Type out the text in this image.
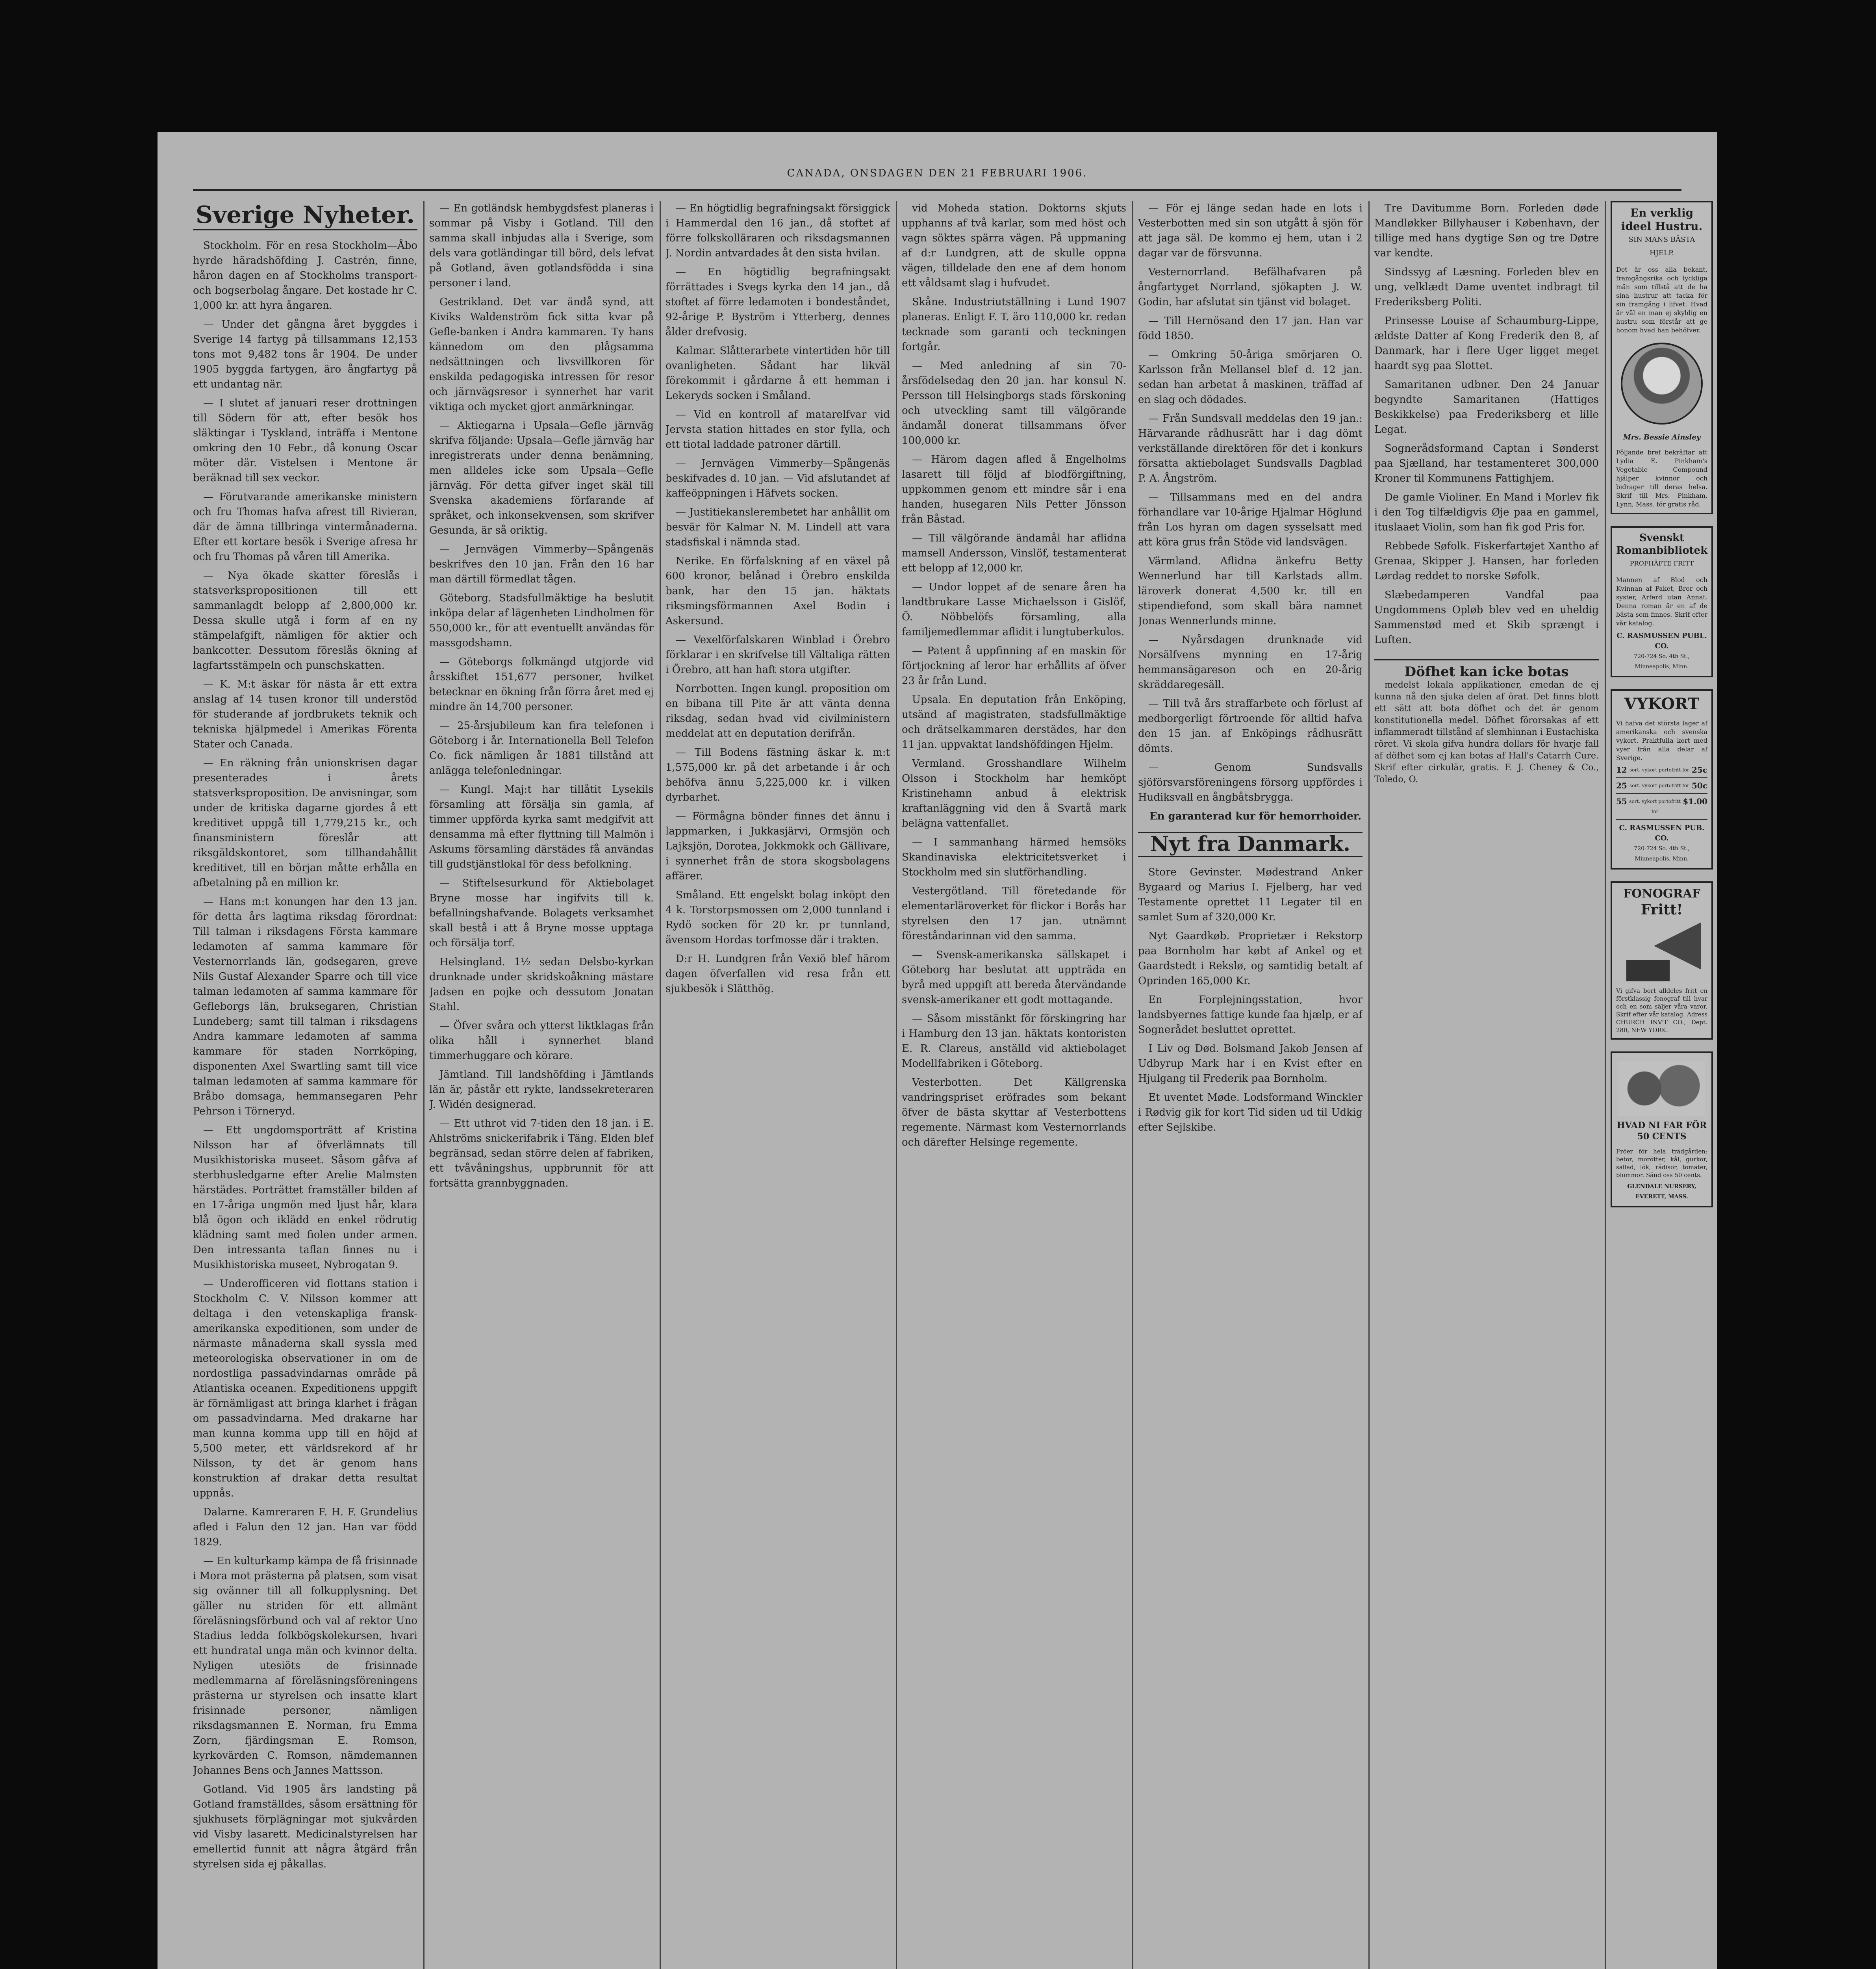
CANADA, ONSDAGEN DEN 21 FEBRUARI 1906.
Sverige Nyheter.

Stockholm. För en resa Stockholm—Åbo hyrde häradshöfding J. Castrén, finne, håron dagen en af Stockholms transport- och bogserbolag ångare. Det kostade hr C. 1,000 kr. att hyra ångaren.

— Under det gångna året byggdes i Sverige 14 fartyg på tillsammans 12,153 tons mot 9,482 tons år 1904. De under 1905 byggda fartygen, äro ångfartyg på ett undantag när.

— I slutet af januari reser drottningen till Södern för att, efter besök hos släktingar i Tyskland, inträffa i Mentone omkring den 10 Febr., då konung Oscar möter där. Vistelsen i Mentone är beräknad till sex veckor.

— Förutvarande amerikanske ministern och fru Thomas hafva afrest till Rivieran, där de ämna tillbringa vintermånaderna. Efter ett kortare besök i Sverige afresa hr och fru Thomas på våren till Amerika.

— Nya ökade skatter föreslås i statsverkspropositionen till ett sammanlagdt belopp af 2,800,000 kr. Dessa skulle utgå i form af en ny stämpelafgift, nämligen för aktier och bankcotter. Dessutom föreslås ökning af lagfartsstämpeln och punschskatten.

— K. M:t äskar för nästa år ett extra anslag af 14 tusen kronor till understöd för studerande af jordbrukets teknik och tekniska hjälpmedel i Amerikas Förenta Stater och Canada.

— En räkning från unionskrisen dagar presenterades i årets statsverksproposition. De anvisningar, som under de kritiska dagarne gjordes å ett kreditivet uppgå till 1,779,215 kr., och finansministern föreslår att riksgäldskontoret, som tillhandahållit kreditivet, till en början måtte erhålla en afbetalning på en million kr.

— Hans m:t konungen har den 13 jan. för detta års lagtima riksdag förordnat: Till talman i riksdagens Första kammare ledamoten af samma kammare för Vesternorrlands län, godsegaren, greve Nils Gustaf Alexander Sparre och till vice talman ledamoten af samma kammare för Gefleborgs län, bruksegaren, Christian Lundeberg; samt till talman i riksdagens Andra kammare ledamoten af samma kammare för staden Norrköping, disponenten Axel Swartling samt till vice talman ledamoten af samma kammare för Bråbo domsaga, hemmansegaren Pehr Pehrson i Törneryd.

— Ett ungdomsporträtt af Kristina Nilsson har af öfverlämnats till Musikhistoriska museet. Såsom gåfva af sterbhusledgarne efter Arelie Malmsten härstädes. Porträttet framställer bilden af en 17-åriga ungmön med ljust hår, klara blå ögon och iklädd en enkel rödrutig klädning samt med fiolen under armen. Den intressanta taflan finnes nu i Musikhistoriska museet, Nybrogatan 9.

— Underofficeren vid flottans station i Stockholm C. V. Nilsson kommer att deltaga i den vetenskapliga fransk-amerikanska expeditionen, som under de närmaste månaderna skall syssla med meteorologiska observationer in om de nordostliga passadvindarnas område på Atlantiska oceanen. Expeditionens uppgift är förnämligast att bringa klarhet i frågan om passadvindarna. Med drakarne har man kunna komma upp till en höjd af 5,500 meter, ett världsrekord af hr Nilsson, ty det är genom hans konstruktion af drakar detta resultat uppnås.

Dalarne. Kamreraren F. H. F. Grundelius afled i Falun den 12 jan. Han var född 1829.

— En kulturkamp kämpa de få frisinnade i Mora mot prästerna på platsen, som visat sig ovänner till all folkupplysning. Det gäller nu striden för ett allmänt föreläsningsförbund och val af rektor Uno Stadius ledda folkbögskolekursen, hvari ett hundratal unga män och kvinnor delta. Nyligen utesiöts de frisinnade medlemmarna af föreläsningsföreningens prästerna ur styrelsen och insatte klart frisinnade personer, nämligen riksdagsmannen E. Norman, fru Emma Zorn, fjärdingsman E. Romson, kyrkovärden C. Romson, nämdemannen Johannes Bens och Jannes Mattsson.

Gotland. Vid 1905 års landsting på Gotland framställdes, såsom ersättning för sjukhusets förplägningar mot sjukvården vid Visby lasarett. Medicinalstyrelsen har emellertid funnit att några åtgärd från styrelsen sida ej påkallas.

— En gotländsk hembygdsfest planeras i sommar på Visby i Gotland. Till den samma skall inbjudas alla i Sverige, som dels vara gotländingar till börd, dels lefvat på Gotland, även gotlandsfödda i sina personer i land.

Gestrikland. Det var ändå synd, att Kiviks Waldenström fick sitta kvar på Gefle-banken i Andra kammaren. Ty hans kännedom om den plågsamma nedsättningen och livsvillkoren för enskilda pedagogiska intressen för resor och järnvägsresor i synnerhet har varit viktiga och mycket gjort anmärkningar.

— Aktiegarna i Upsala—Gefle järnväg skrifva följande: Upsala—Gefle järnväg har inregistrerats under denna benämning, men alldeles icke som Upsala—Gefle järnväg. För detta gifver inget skäl till Svenska akademiens förfarande af språket, och inkonsekvensen, som skrifver Gesunda, är så oriktig.

— Jernvägen Vimmerby—Spångenäs beskrifves den 10 jan. Från den 16 har man därtill förmedlat tågen.

Göteborg. Stadsfullmäktige ha beslutit inköpa delar af lägenheten Lindholmen för 550,000 kr., för att eventuellt användas för massgodshamn.

— Göteborgs folkmängd utgjorde vid årsskiftet 151,677 personer, hvilket betecknar en ökning från förra året med ej mindre än 14,700 personer.

— 25-årsjubileum kan fira telefonen i Göteborg i år. Internationella Bell Telefon Co. fick nämligen år 1881 tillstånd att anlägga telefonledningar.

— Kungl. Maj:t har tillåtit Lysekils församling att försälja sin gamla, af timmer uppförda kyrka samt medgifvit att densamma må efter flyttning till Malmön i Askums församling därstädes få användas till gudstjänstlokal för dess befolkning.

— Stiftelsesurkund för Aktiebolaget Bryne mosse har ingifvits till k. befallningshafvande. Bolagets verksamhet skall bestå i att å Bryne mosse upptaga och försälja torf.

Helsingland. 1½ sedan Delsbo-kyrkan drunknade under skridskoåkning mästare Jadsen en pojke och dessutom Jonatan Stahl.

— Öfver svåra och ytterst liktklagas från olika håll i synnerhet bland timmerhuggare och körare.

Jämtland. Till landshöfding i Jämtlands län är, påstår ett rykte, landssekreteraren J. Widén designerad.

— Ett uthrot vid 7-tiden den 18 jan. i E. Ahlströms snickerifabrik i Täng. Elden blef begränsad, sedan större delen af fabriken, ett tvåvåningshus, uppbrunnit för att fortsätta grannbyggnaden.

— En högtidlig begrafningsakt försiggick i Hammerdal den 16 jan., då stoftet af förre folkskolläraren och riksdagsmannen J. Nordin antvardades åt den sista hvilan.

— En högtidlig begrafningsakt förrättades i Svegs kyrka den 14 jan., då stoftet af förre ledamoten i bondeståndet, 92-årige P. Byström i Ytterberg, dennes ålder drefvosig.

Kalmar. Slåtterarbete vintertiden hör till ovanligheten. Sådant har likväl förekommit i gårdarne å ett hemman i Lekeryds socken i Småland.

— Vid en kontroll af matarelfvar vid Jervsta station hittades en stor fylla, och ett tiotal laddade patroner därtill.

— Jernvägen Vimmerby—Spångenäs beskifvades d. 10 jan. — Vid afslutandet af kaffeöppningen i Häfvets socken.

— Justitiekanslerembetet har anhållit om besvär för Kalmar N. M. Lindell att vara stadsfiskal i nämnda stad.

Nerike. En förfalskning af en växel på 600 kronor, belånad i Örebro enskilda bank, har den 15 jan. häktats riksmingsförmannen Axel Bodin i Askersund.

— Vexelförfalskaren Winblad i Örebro förklarar i en skrifvelse till Vältaliga rätten i Örebro, att han haft stora utgifter.

Norrbotten. Ingen kungl. proposition om en bibana till Pite är att vänta denna riksdag, sedan hvad vid civilministern meddelat att en deputation derifrån.

— Till Bodens fästning äskar k. m:t 1,575,000 kr. på det arbetande i år och behöfva ännu 5,225,000 kr. i vilken dyrbarhet.

— Förmågna bönder finnes det ännu i lappmarken, i Jukkasjärvi, Ormsjön och Lajksjön, Dorotea, Jokkmokk och Gällivare, i synnerhet från de stora skogsbolagens affärer.

Småland. Ett engelskt bolag inköpt den 4 k. Torstorpsmossen om 2,000 tunnland i Rydö socken för 20 kr. pr tunnland, ävensom Hordas torfmosse där i trakten.

D:r H. Lundgren från Vexiö blef härom dagen öfverfallen vid resa från ett sjukbesök i Slätthög.

vid Moheda station. Doktorns skjuts upphanns af två karlar, som med höst och vagn söktes spärra vägen. På uppmaning af d:r Lundgren, att de skulle oppna vägen, tilldelade den ene af dem honom ett våldsamt slag i hufvudet.

Skåne. Industriutställning i Lund 1907 planeras. Enligt F. T. äro 110,000 kr. redan tecknade som garanti och teckningen fortgår.

— Med anledning af sin 70-årsfödelsedag den 20 jan. har konsul N. Persson till Helsingborgs stads förskoning och utveckling samt till välgörande ändamål donerat tillsammans öfver 100,000 kr.

— Härom dagen afled å Engelholms lasarett till följd af blodförgiftning, uppkommen genom ett mindre sår i ena handen, husegaren Nils Petter Jönsson från Båstad.

— Till välgörande ändamål har aflidna mamsell Andersson, Vinslöf, testamenterat ett belopp af 12,000 kr.

— Undor loppet af de senare åren ha landtbrukare Lasse Michaelsson i Gislöf, Ö. Nöbbelöfs församling, alla familjemedlemmar aflidit i lungtuberkulos.

— Patent å uppfinning af en maskin för förtjockning af leror har erhållits af öfver 23 år från Lund.

Upsala. En deputation från Enköping, utsänd af magistraten, stadsfullmäktige och drätselkammaren derstädes, har den 11 jan. uppvaktat landshöfdingen Hjelm.

Vermland. Grosshandlare Wilhelm Olsson i Stockholm har hemköpt Kristinehamn anbud å elektrisk kraftanläggning vid den å Svartå mark belägna vattenfallet.

— I sammanhang härmed hemsöks Skandinaviska elektricitetsverket i Stockholm med sin slutförhandling.

Vestergötland. Till företedande för elementarläroverket för flickor i Borås har styrelsen den 17 jan. utnämnt föreståndarinnan vid den samma.

— Svensk-amerikanska sällskapet i Göteborg har beslutat att uppträda en byrå med uppgift att bereda återvändande svensk-amerikaner ett godt mottagande.

— Såsom misstänkt för förskingring har i Hamburg den 13 jan. häktats kontoristen E. R. Clareus, anställd vid aktiebolaget Modellfabriken i Göteborg.

Vesterbotten. Det Källgrenska vandringspriset eröfrades som bekant öfver de bästa skyttar af Vesterbottens regemente. Närmast kom Vesternorrlands och därefter Helsinge regemente.

— För ej länge sedan hade en lots i Vesterbotten med sin son utgått å sjön för att jaga säl. De kommo ej hem, utan i 2 dagar var de försvunna.

Vesternorrland. Befälhafvaren på ångfartyget Norrland, sjökapten J. W. Godin, har afslutat sin tjänst vid bolaget.

— Till Hernösand den 17 jan. Han var född 1850.

— Omkring 50-åriga smörjaren O. Karlsson från Mellansel blef d. 12 jan. sedan han arbetat å maskinen, träffad af en slag och dödades.

— Från Sundsvall meddelas den 19 jan.: Härvarande rådhusrätt har i dag dömt verkställande direktören för det i konkurs försatta aktiebolaget Sundsvalls Dagblad P. A. Ångström.

— Tillsammans med en del andra förhandlare var 10-årige Hjalmar Höglund från Los hyran om dagen sysselsatt med att köra grus från Stöde vid landsvägen.

Värmland. Aflidna änkefru Betty Wennerlund har till Karlstads allm. läroverk donerat 4,500 kr. till en stipendiefond, som skall bära namnet Jonas Wennerlunds minne.

— Nyårsdagen drunknade vid Norsälfvens mynning en 17-årig hemmansägareson och en 20-årig skräddaregesäll.

— Till två års straffarbete och förlust af medborgerligt förtroende för alltid hafva den 15 jan. af Enköpings rådhusrätt dömts.

— Genom Sundsvalls sjöförsvarsföreningens försorg uppfördes i Hudiksvall en ångbåtsbrygga.

En garanterad kur för hemorrhoider.

Nyt fra Danmark.

Store Gevinster. Mødestrand Anker Bygaard og Marius I. Fjelberg, har ved Testamente oprettet 11 Legater til en samlet Sum af 320,000 Kr.

Nyt Gaardkøb. Proprietær i Rekstorp paa Bornholm har købt af Ankel og et Gaardstedt i Rekslø, og samtidig betalt af Oprinden 165,000 Kr.

En Forplejningsstation, hvor landsbyernes fattige kunde faa hjælp, er af Sognerådet besluttet oprettet.

I Liv og Død. Bolsmand Jakob Jensen af Udbyrup Mark har i en Kvist efter en Hjulgang til Frederik paa Bornholm.

Et uventet Møde. Lodsformand Winckler i Rødvig gik for kort Tid siden ud til Udkig efter Sejlskibe.

Tre Davitumme Born. Forleden døde Mandløkker Billyhauser i København, der tillige med hans dygtige Søn og tre Døtre var kendte.

Sindssyg af Læsning. Forleden blev en ung, velklædt Dame uventet indbragt til Frederiksberg Politi.

Prinsesse Louise af Schaumburg-Lippe, ældste Datter af Kong Frederik den 8, af Danmark, har i flere Uger ligget meget haardt syg paa Slottet.

Samaritanen udbner. Den 24 Januar begyndte Samaritanen (Hattiges Beskikkelse) paa Frederiksberg et lille Legat.

Sognerådsformand Captan i Sønderst paa Sjælland, har testamenteret 300,000 Kroner til Kommunens Fattighjem.

De gamle Violiner. En Mand i Morlev fik i den Tog tilfældigvis Øje paa en gammel, ituslaaet Violin, som han fik god Pris for.

Rebbede Søfolk. Fiskerfartøjet Xantho af Grenaa, Skipper J. Hansen, har forleden Lørdag reddet to norske Søfolk.

Slæbedamperen Vandfal paa Ungdommens Opløb blev ved en uheldig Sammenstød med et Skib sprængt i Luften.

Döfhet kan icke botas

medelst lokala applikationer, emedan de ej kunna nå den sjuka delen af örat. Det finns blott ett sätt att bota döfhet och det är genom konstitutionella medel. Döfhet förorsakas af ett inflammeradt tillstånd af slemhinnan i Eustachiska röret. Vi skola gifva hundra dollars för hvarje fall af döfhet som ej kan botas af Hall's Catarrh Cure. Skrif efter cirkulär, gratis. F. J. Cheney & Co., Toledo, O.

En verklig ideel Hustru.
SIN MANS BÄSTA HJELP.
Det är oss alla bekant, framgångsrika och lyckliga män som tillstå att de ha sina hustrur att tacka för sin framgång i lifvet. Hvad är väl en man ej skyldig en hustru som förstår att ge honom hvad han behöfver.
Mrs. Bessie Ainsley
Följande bref bekräftar att Lydia E. Pinkham's Vegetable Compound hjälper kvinnor och bidrager till deras helsa. Skrif till Mrs. Pinkham, Lynn, Mass. för gratis råd.
Svenskt Romanbibliotek
PROFHÄFTE FRITT
Mannen af Blod och Kvinnan af Paket, Bror och syster, Arferd utan Annat. Denna roman är en af de bästa som finnes. Skrif efter vår katalog.
C. RASMUSSEN PUBL. CO.
720-724 So. 4th St., Minneapolis, Minn.
VYKORT
Vi hafva det största lager af amerikanska och svenska vykort. Praktfulla kort med vyer från alla delar af Sverige.
12 sort. vykort portofritt för 25c
25 sort. vykort portofritt för 50c
55 sort. vykort portofritt för
$1.00
C. RASMUSSEN PUB. CO.
720-724 So. 4th St., Minneapolis, Minn.
FONOGRAF
Fritt!
Vi gifva bort alldeles fritt en förstklassig fonograf till hvar och en som säljer våra varor. Skrif efter vår katalog. Adress CHURCH INV'T CO., Dept. 280, NEW YORK.
HVAD NI FAR FÖR 50 CENTS
Fröer för hela trädgården: betor, morötter, kål, gurkor, sallad, lök, rädisor, tomater, blommor. Sänd oss 50 cents.
GLENDALE NURSERY, EVERETT, MASS.
